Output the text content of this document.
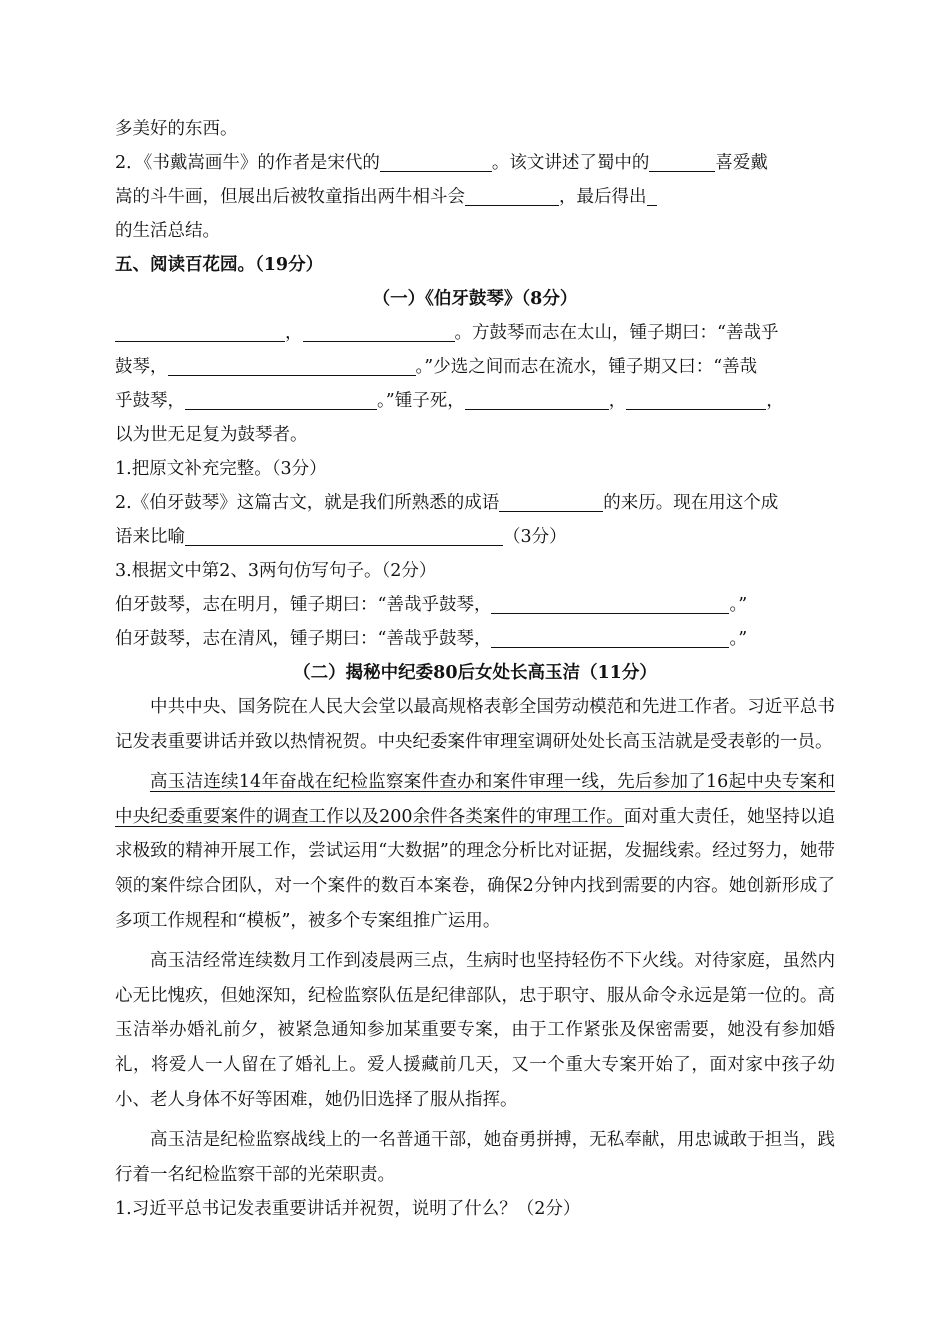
多美好的东西。
2．《书戴嵩画牛》的作者是宋代的	。该文讲述了蜀中的	喜爱戴
嵩的斗牛画，但展出后被牧童指出两牛相斗会	，最后得出
的生活总结。
五、阅读百花园。（19分）
（一）《伯牙鼓琴》（8分）
，	。方鼓琴而志在太山，锺子期曰：“善哉乎
鼓琴，	。”少选之间而志在流水，锺子期又曰：“善哉
乎鼓琴，	。”锺子死，	，	，
以为世无足复为鼓琴者。
1.把原文补充完整。（3分）
2.《伯牙鼓琴》这篇古文，就是我们所熟悉的成语	的来历。现在用这个成
语来比喻	（3分）
3.根据文中第2、3两句仿写句子。（2分）
伯牙鼓琴，志在明月，锺子期曰：“善哉乎鼓琴，	。”
伯牙鼓琴，志在清风，锺子期曰：“善哉乎鼓琴，	。”
（二）揭秘中纪委80后女处长高玉洁（11分）

中共中央、国务院在人民大会堂以最高规格表彰全国劳动模范和先进工作者。习近平总书记发表重要讲话并致以热情祝贺。中央纪委案件审理室调研处处长高玉洁就是受表彰的一员。

高玉洁连续14年奋战在纪检监察案件查办和案件审理一线，先后参加了16起中央专案和中央纪委重要案件的调查工作以及200余件各类案件的审理工作。面对重大责任，她坚持以追求极致的精神开展工作，尝试运用“大数据”的理念分析比对证据，发掘线索。经过努力，她带领的案件综合团队，对一个案件的数百本案卷，确保2分钟内找到需要的内容。她创新形成了多项工作规程和“模板”，被多个专案组推广运用。

高玉洁经常连续数月工作到凌晨两三点，生病时也坚持轻伤不下火线。对待家庭，虽然内心无比愧疚，但她深知，纪检监察队伍是纪律部队，忠于职守、服从命令永远是第一位的。高玉洁举办婚礼前夕，被紧急通知参加某重要专案，由于工作紧张及保密需要，她没有参加婚礼，将爱人一人留在了婚礼上。爱人援藏前几天，又一个重大专案开始了，面对家中孩子幼小、老人身体不好等困难，她仍旧选择了服从指挥。

高玉洁是纪检监察战线上的一名普通干部，她奋勇拼搏，无私奉献，用忠诚敢于担当，践行着一名纪检监察干部的光荣职责。

1.习近平总书记发表重要讲话并祝贺，说明了什么？（2分）
